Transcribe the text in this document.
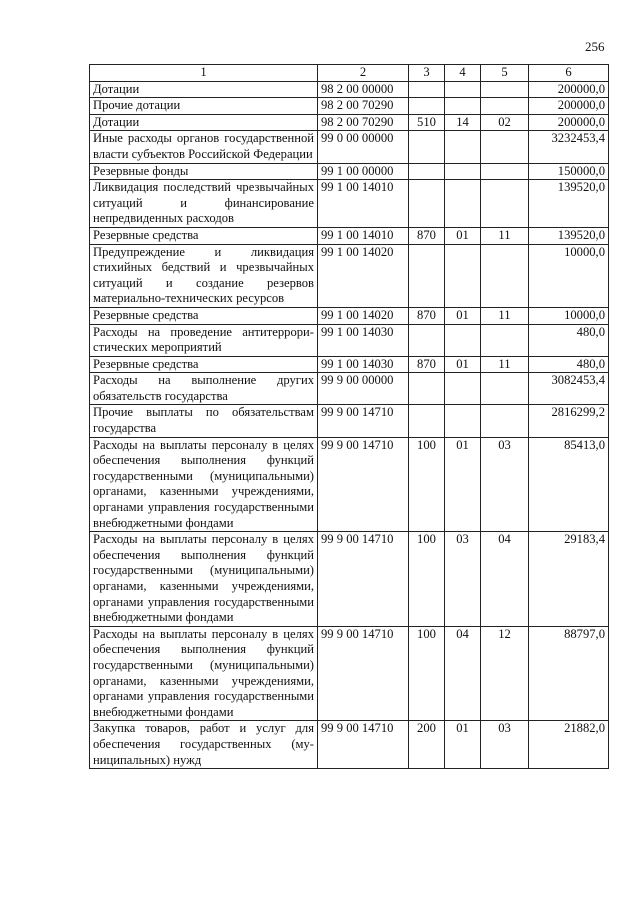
256
1	2	3	4	5	6
Дотации	98 2 00 00000				200000,0
Прочие дотации	98 2 00 70290				200000,0
Дотации	98 2 00 70290	510	14	02	200000,0
Иные расходы органов государственной власти субъектов Российской Федерации	99 0 00 00000				3232453,4
Резервные фонды	99 1 00 00000				150000,0
Ликвидация последствий чрезвычайных ситуаций и финансирование непредвиденных расходов	99 1 00 14010				139520,0
Резервные средства	99 1 00 14010	870	01	11	139520,0
Предупреждение и ликвидация стихийных бедствий и чрезвычайных ситуаций и создание резервов материально-технических ресурсов	99 1 00 14020				10000,0
Резервные средства	99 1 00 14020	870	01	11	10000,0
Расходы на проведение антитеррористических мероприятий	99 1 00 14030				480,0
Резервные средства	99 1 00 14030	870	01	11	480,0
Расходы на выполнение других обязательств государства	99 9 00 00000				3082453,4
Прочие выплаты по обязательствам государства	99 9 00 14710				2816299,2
Расходы на выплаты персоналу в целях обеспечения выполнения функций государственными (муниципальными) органами, казенными учреждениями, органами управления государственными внебюджетными фондами	99 9 00 14710	100	01	03	85413,0
Расходы на выплаты персоналу в целях обеспечения выполнения функций государственными (муниципальными) органами, казенными учреждениями, органами управления государственными внебюджетными фондами	99 9 00 14710	100	03	04	29183,4
Расходы на выплаты персоналу в целях обеспечения выполнения функций государственными (муниципальными) органами, казенными учреждениями, органами управления государственными внебюджетными фондами	99 9 00 14710	100	04	12	88797,0
Закупка товаров, работ и услуг для обеспечения государственных (муниципальных) нужд	99 9 00 14710	200	01	03	21882,0
